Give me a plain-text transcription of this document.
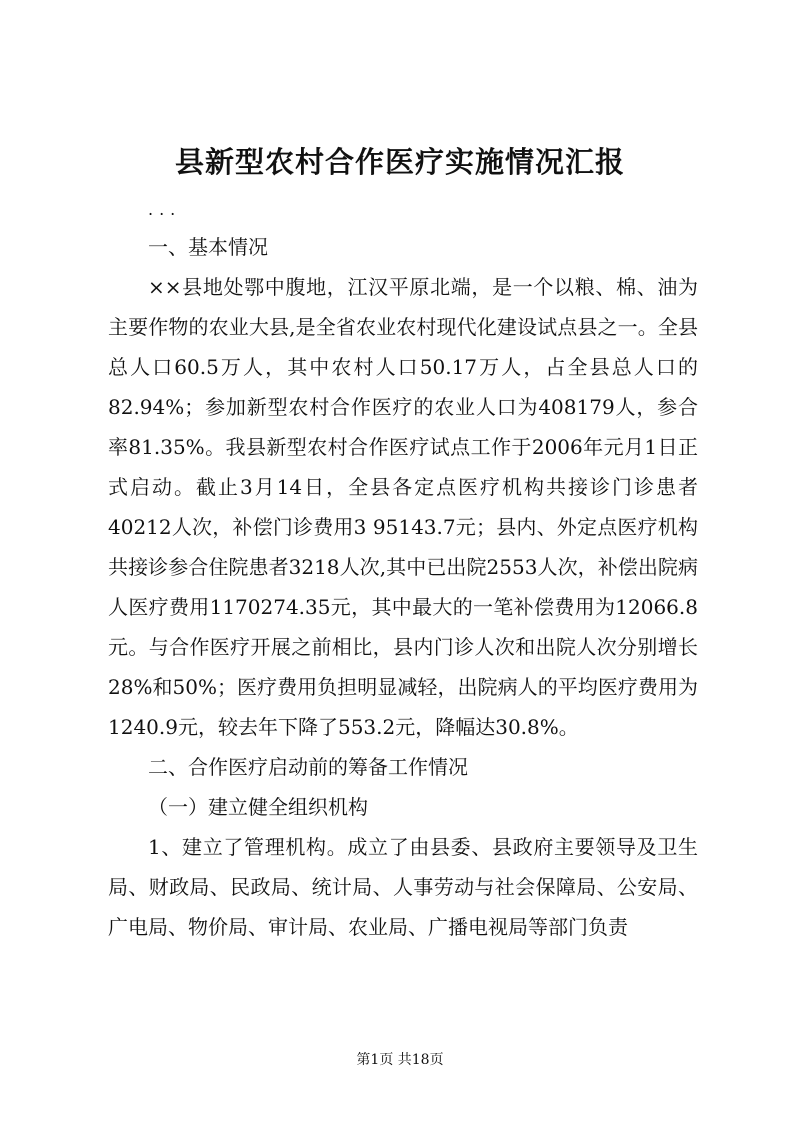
县新型农村合作医疗实施情况汇报
...

一、基本情况

××县地处鄂中腹地，江汉平原北端，是一个以粮、棉、油为主要作物的农业大县,是全省农业农村现代化建设试点县之一。全县总人口60.5万人，其中农村人口50.17万人，占全县总人口的82.94%；参加新型农村合作医疗的农业人口为408179人，参合率81.35%。我县新型农村合作医疗试点工作于2006年元月1日正式启动。截止3月14日，全县各定点医疗机构共接诊门诊患者40212人次，补偿门诊费用3 95143.7元；县内、外定点医疗机构共接诊参合住院患者3218人次,其中已出院2553人次，补偿出院病人医疗费用1170274.35元，其中最大的一笔补偿费用为12066.8元。与合作医疗开展之前相比，县内门诊人次和出院人次分别增长28%和50%；医疗费用负担明显减轻，出院病人的平均医疗费用为1240.9元，较去年下降了553.2元，降幅达30.8%。

二、合作医疗启动前的筹备工作情况

（一）建立健全组织机构

1、建立了管理机构。成立了由县委、县政府主要领导及卫生局、财政局、民政局、统计局、人事劳动与社会保障局、公安局、广电局、物价局、审计局、农业局、广播电视局等部门负责

第1页 共18页
